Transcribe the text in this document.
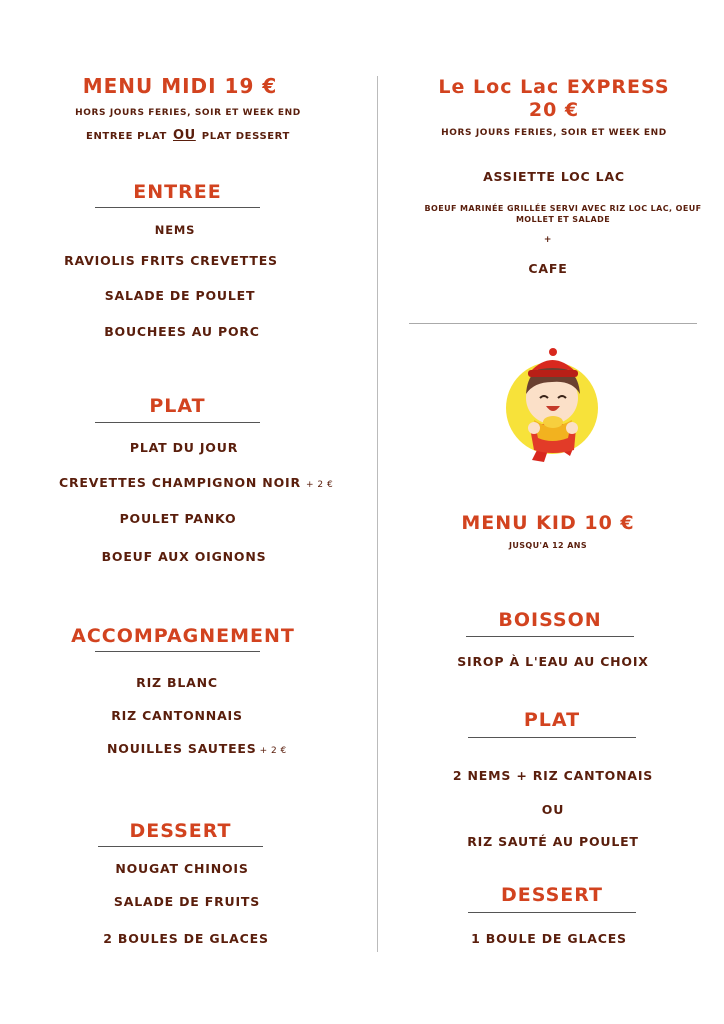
MENU MIDI 19 €
HORS JOURS FERIES, SOIR ET WEEK END
ENTREE PLAT OU PLAT DESSERT
ENTREE
NEMS
RAVIOLIS FRITS CREVETTES
SALADE DE POULET
BOUCHEES AU PORC
PLAT
PLAT DU JOUR
CREVETTES CHAMPIGNON NOIR + 2 €
POULET PANKO
BOEUF AUX OIGNONS
ACCOMPAGNEMENT
RIZ BLANC
RIZ CANTONNAIS
NOUILLES SAUTEES + 2 €
DESSERT
NOUGAT CHINOIS
SALADE DE FRUITS
2 BOULES DE GLACES
Le Loc Lac EXPRESS
20 €
HORS JOURS FERIES, SOIR ET WEEK END
ASSIETTE LOC LAC
BOEUF MARINÉE GRILLÉE SERVI AVEC RIZ LOC LAC, OEUF MOLLET ET SALADE
+
CAFE
MENU KID 10 €
JUSQU'A 12 ANS
BOISSON
SIROP À L'EAU AU CHOIX
PLAT
2 NEMS + RIZ CANTONAIS
OU
RIZ SAUTÉ AU POULET
DESSERT
1 BOULE DE GLACES
